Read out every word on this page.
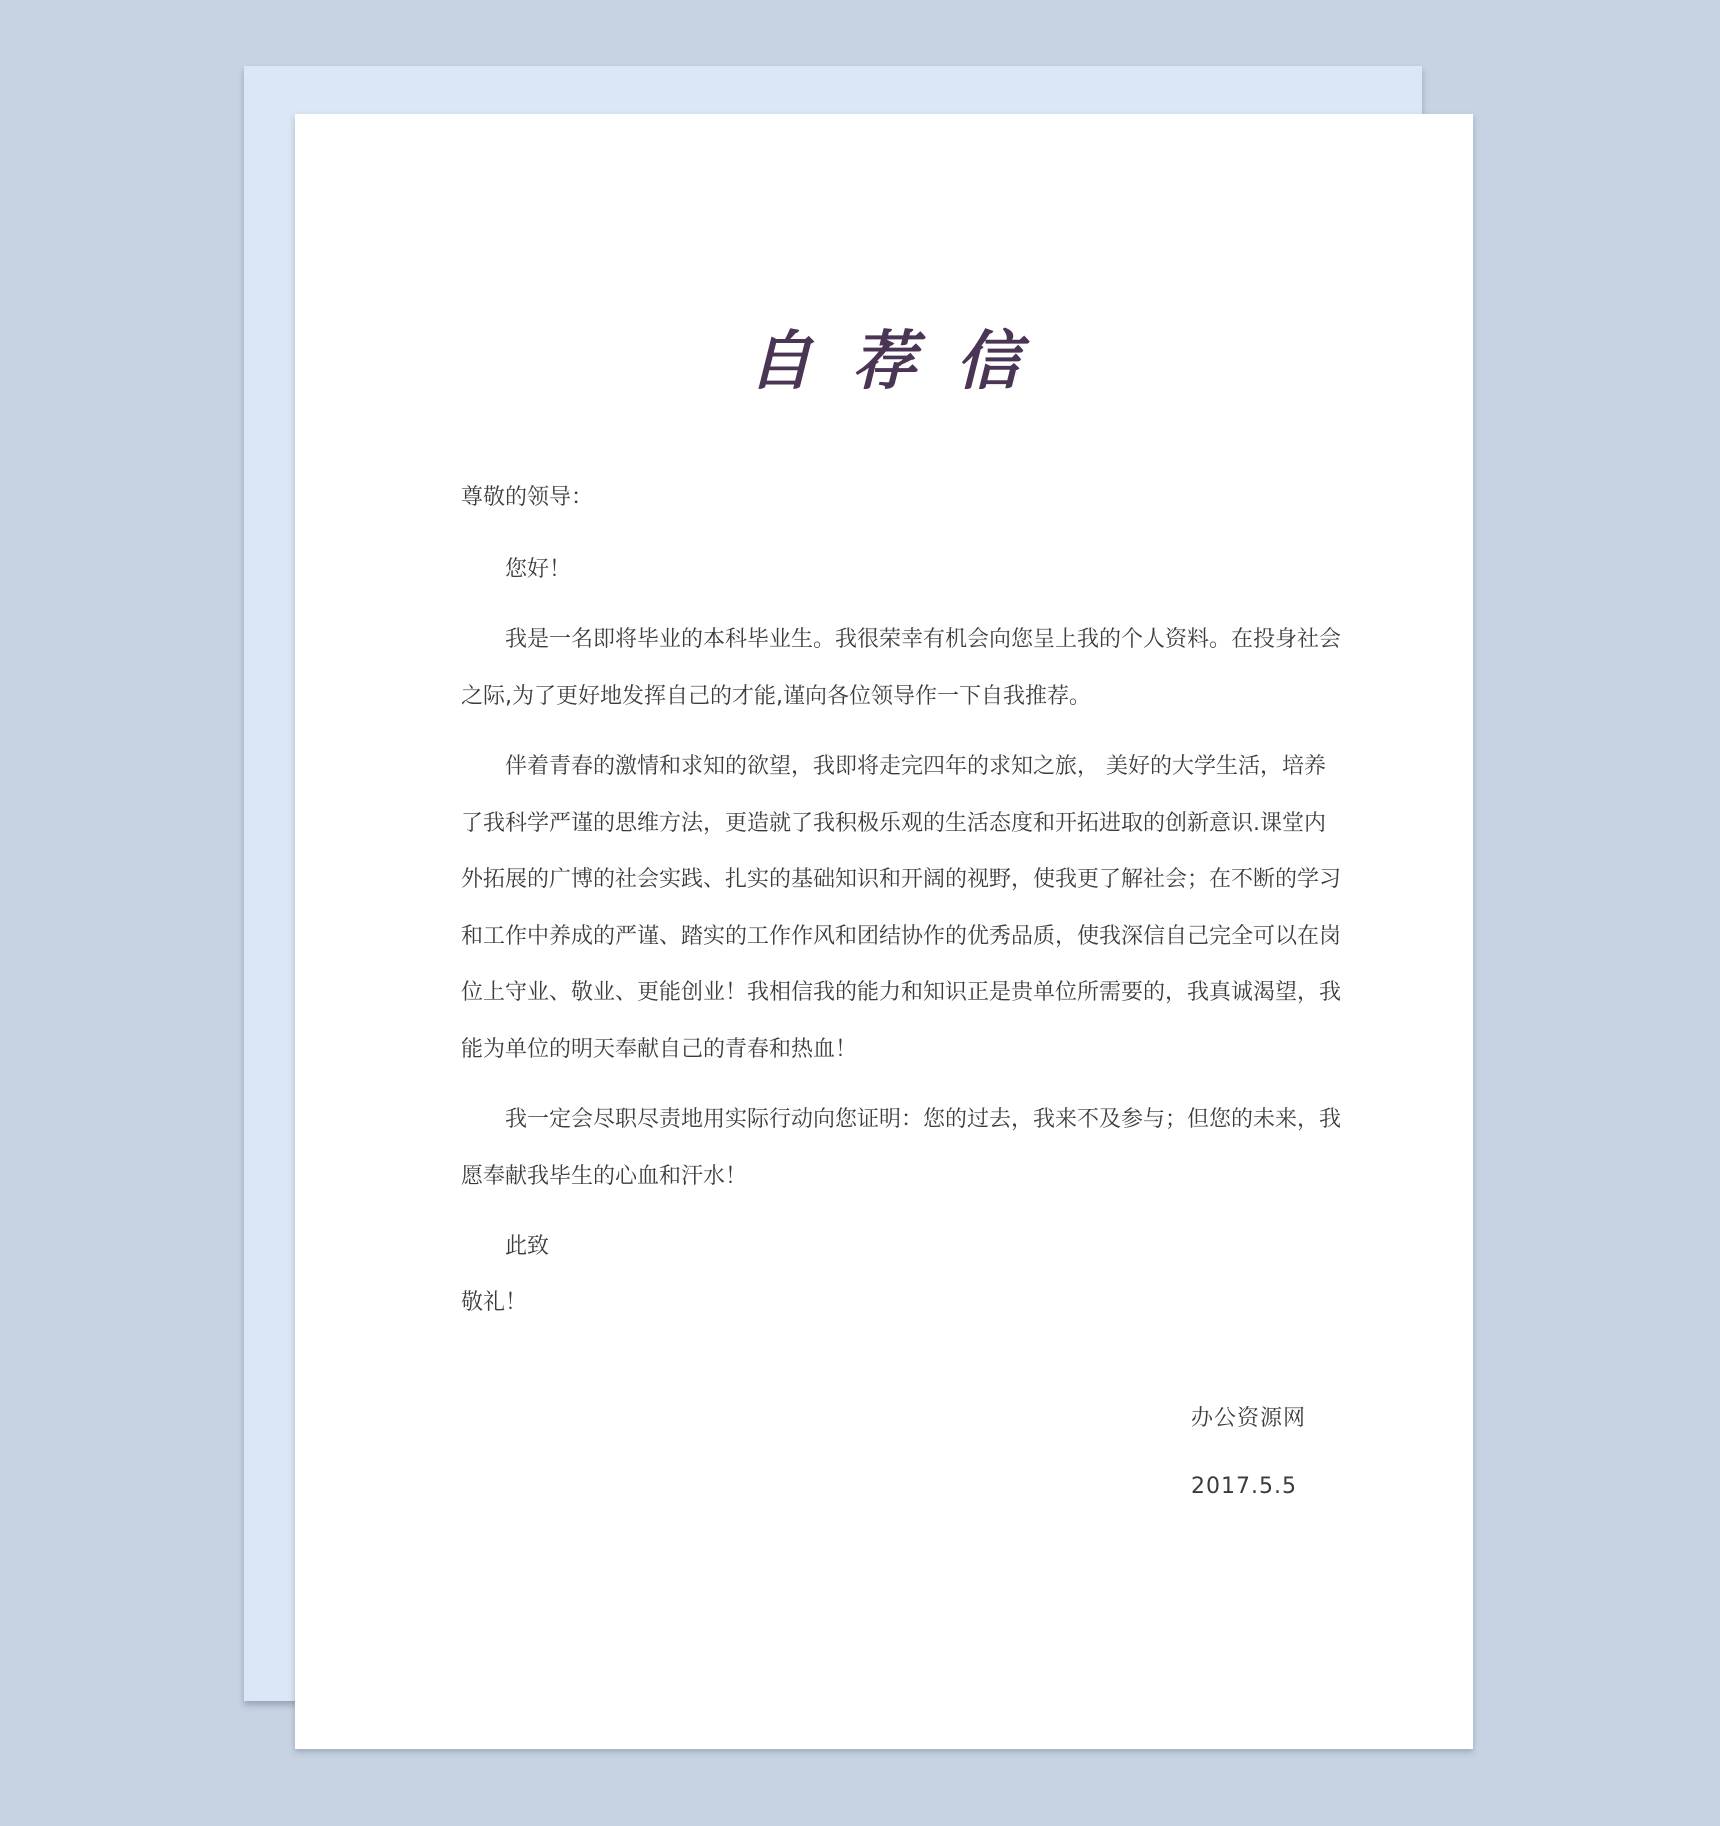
自荐信

尊敬的领导：

您好！

我是一名即将毕业的本科毕业生。我很荣幸有机会向您呈上我的个人资料。在投身社会之际,为了更好地发挥自己的才能,谨向各位领导作一下自我推荐。

伴着青春的激情和求知的欲望，我即将走完四年的求知之旅， 美好的大学生活，培养了我科学严谨的思维方法，更造就了我积极乐观的生活态度和开拓进取的创新意识.课堂内外拓展的广博的社会实践、扎实的基础知识和开阔的视野，使我更了解社会；在不断的学习和工作中养成的严谨、踏实的工作作风和团结协作的优秀品质，使我深信自己完全可以在岗位上守业、敬业、更能创业！我相信我的能力和知识正是贵单位所需要的，我真诚渴望，我能为单位的明天奉献自己的青春和热血！

我一定会尽职尽责地用实际行动向您证明：您的过去，我来不及参与；但您的未来，我愿奉献我毕生的心血和汗水！

此致

敬礼！

办公资源网

2017.5.5
